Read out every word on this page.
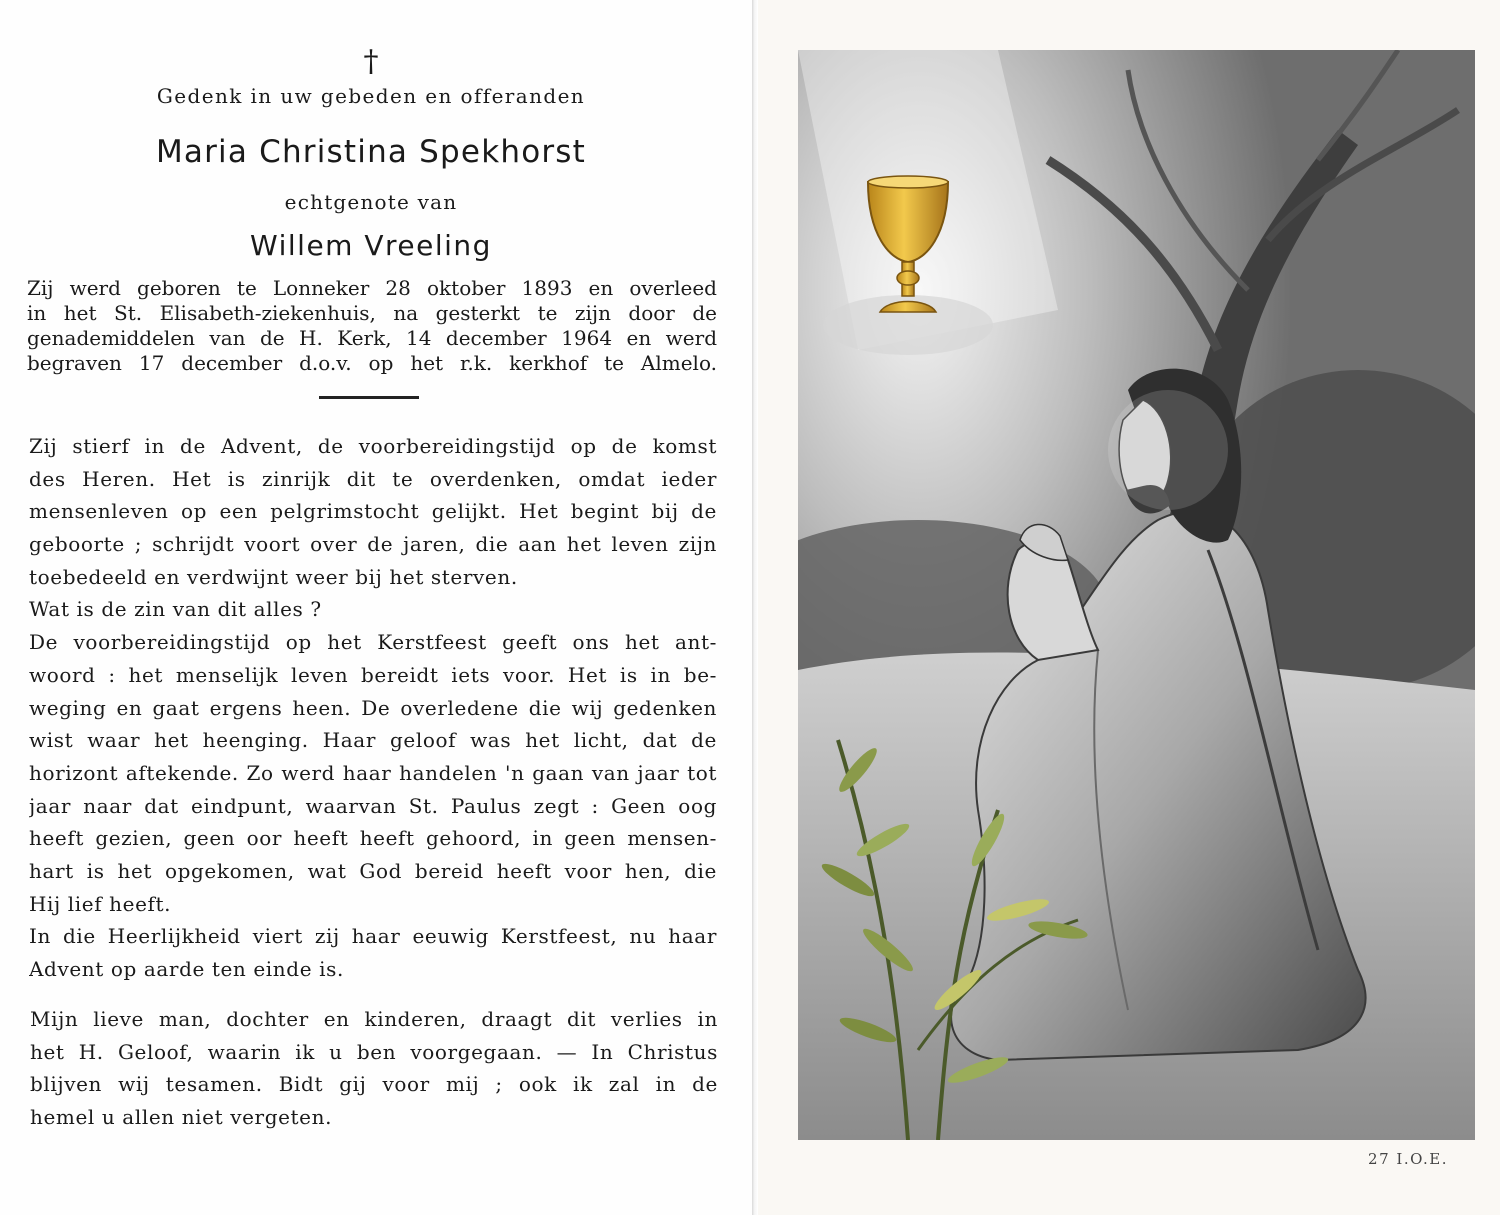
†
Gedenk in uw gebeden en offeranden
Maria Christina Spekhorst
echtgenote van
Willem Vreeling
Zij werd geboren te Lonneker 28 oktober 1893 en overleed
in het St. Elisabeth-ziekenhuis, na gesterkt te zijn door de
genademiddelen van de H. Kerk, 14 december 1964 en werd
begraven 17 december d.o.v. op het r.k. kerkhof te Almelo.
Zij stierf in de Advent, de voorbereidingstijd op de komst
des Heren. Het is zinrijk dit te overdenken, omdat ieder
mensenleven op een pelgrimstocht gelijkt. Het begint bij de
geboorte ; schrijdt voort over de jaren, die aan het leven zijn
toebedeeld en verdwijnt weer bij het sterven.
Wat is de zin van dit alles ?
De voorbereidingstijd op het Kerstfeest geeft ons het ant-
woord : het menselijk leven bereidt iets voor. Het is in be-
weging en gaat ergens heen. De overledene die wij gedenken
wist waar het heenging. Haar geloof was het licht, dat de
horizont aftekende. Zo werd haar handelen 'n gaan van jaar tot
jaar naar dat eindpunt, waarvan St. Paulus zegt : Geen oog
heeft gezien, geen oor heeft heeft gehoord, in geen mensen-
hart is het opgekomen, wat God bereid heeft voor hen, die
Hij lief heeft.
In die Heerlijkheid viert zij haar eeuwig Kerstfeest, nu haar
Advent op aarde ten einde is.
Mijn lieve man, dochter en kinderen, draagt dit verlies in
het H. Geloof, waarin ik u ben voorgegaan. — In Christus
blijven wij tesamen. Bidt gij voor mij ; ook ik zal in de
hemel u allen niet vergeten.
27 I.O.E.
